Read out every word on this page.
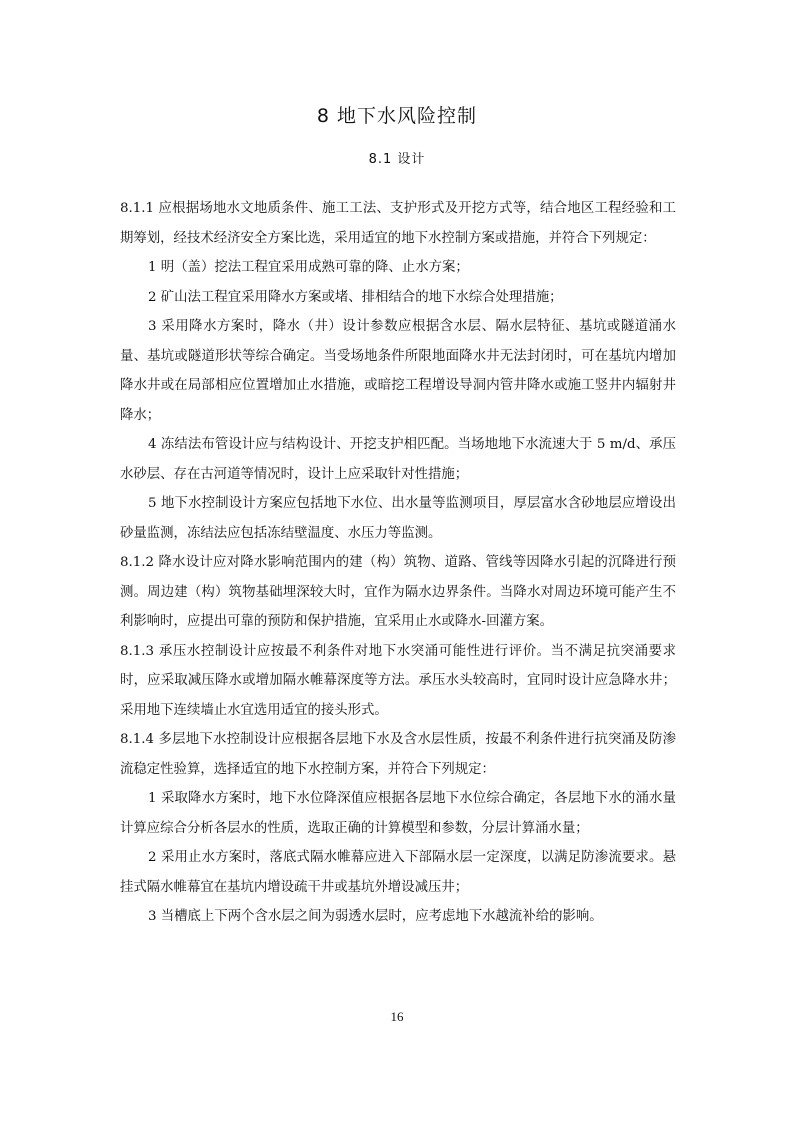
8 地下水风险控制
8.1 设计

8.1.1 应根据场地水文地质条件、施工工法、支护形式及开挖方式等，结合地区工程经验和工期筹划，经技术经济安全方案比选，采用适宜的地下水控制方案或措施，并符合下列规定：

1 明（盖）挖法工程宜采用成熟可靠的降、止水方案；

2 矿山法工程宜采用降水方案或堵、排相结合的地下水综合处理措施；

3 采用降水方案时，降水（井）设计参数应根据含水层、隔水层特征、基坑或隧道涌水量、基坑或隧道形状等综合确定。当受场地条件所限地面降水井无法封闭时，可在基坑内增加降水井或在局部相应位置增加止水措施，或暗挖工程增设导洞内管井降水或施工竖井内辐射井降水；

4 冻结法布管设计应与结构设计、开挖支护相匹配。当场地地下水流速大于 5 m/d、承压水砂层、存在古河道等情况时，设计上应采取针对性措施；

5 地下水控制设计方案应包括地下水位、出水量等监测项目，厚层富水含砂地层应增设出砂量监测，冻结法应包括冻结壁温度、水压力等监测。

8.1.2 降水设计应对降水影响范围内的建（构）筑物、道路、管线等因降水引起的沉降进行预测。周边建（构）筑物基础埋深较大时，宜作为隔水边界条件。当降水对周边环境可能产生不利影响时，应提出可靠的预防和保护措施，宜采用止水或降水-回灌方案。

8.1.3 承压水控制设计应按最不利条件对地下水突涌可能性进行评价。当不满足抗突涌要求时，应采取减压降水或增加隔水帷幕深度等方法。承压水头较高时，宜同时设计应急降水井；采用地下连续墙止水宜选用适宜的接头形式。

8.1.4 多层地下水控制设计应根据各层地下水及含水层性质，按最不利条件进行抗突涌及防渗流稳定性验算，选择适宜的地下水控制方案，并符合下列规定：

1 采取降水方案时，地下水位降深值应根据各层地下水位综合确定，各层地下水的涌水量计算应综合分析各层水的性质，选取正确的计算模型和参数，分层计算涌水量；

2 采用止水方案时，落底式隔水帷幕应进入下部隔水层一定深度，以满足防渗流要求。悬挂式隔水帷幕宜在基坑内增设疏干井或基坑外增设减压井；

3 当槽底上下两个含水层之间为弱透水层时，应考虑地下水越流补给的影响。

16
